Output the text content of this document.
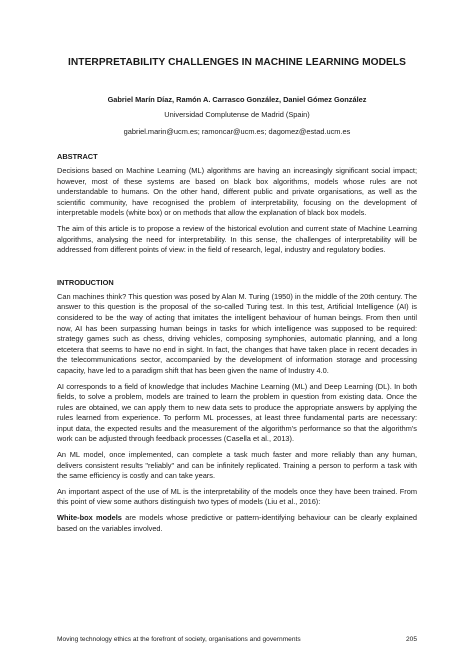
INTERPRETABILITY CHALLENGES IN MACHINE LEARNING MODELS
Gabriel Marín Díaz, Ramón A. Carrasco González, Daniel Gómez González
Universidad Complutense de Madrid (Spain)
gabriel.marin@ucm.es; ramoncar@ucm.es; dagomez@estad.ucm.es
ABSTRACT

Decisions based on Machine Learning (ML) algorithms are having an increasingly significant social impact; however, most of these systems are based on black box algorithms, models whose rules are not understandable to humans. On the other hand, different public and private organisations, as well as the scientific community, have recognised the problem of interpretability, focusing on the development of interpretable models (white box) or on methods that allow the explanation of black box models.

The aim of this article is to propose a review of the historical evolution and current state of Machine Learning algorithms, analysing the need for interpretability. In this sense, the challenges of interpretability will be addressed from different points of view: in the field of research, legal, industry and regulatory bodies.

INTRODUCTION

Can machines think? This question was posed by Alan M. Turing (1950) in the middle of the 20th century. The answer to this question is the proposal of the so-called Turing test. In this test, Artificial Intelligence (AI) is considered to be the way of acting that imitates the intelligent behaviour of human beings. From then until now, AI has been surpassing human beings in tasks for which intelligence was supposed to be required: strategy games such as chess, driving vehicles, composing symphonies, automatic planning, and a long etcetera that seems to have no end in sight. In fact, the changes that have taken place in recent decades in the telecommunications sector, accompanied by the development of information storage and processing capacity, have led to a paradigm shift that has been given the name of Industry 4.0.

AI corresponds to a field of knowledge that includes Machine Learning (ML) and Deep Learning (DL). In both fields, to solve a problem, models are trained to learn the problem in question from existing data. Once the rules are obtained, we can apply them to new data sets to produce the appropriate answers by applying the rules learned from experience. To perform ML processes, at least three fundamental parts are necessary: input data, the expected results and the measurement of the algorithm's performance so that the algorithm's work can be adjusted through feedback processes (Casella et al., 2013).

An ML model, once implemented, can complete a task much faster and more reliably than any human, delivers consistent results "reliably" and can be infinitely replicated. Training a person to perform a task with the same efficiency is costly and can take years.

An important aspect of the use of ML is the interpretability of the models once they have been trained. From this point of view some authors distinguish two types of models (Liu et al., 2016):

White-box models are models whose predictive or pattern-identifying behaviour can be clearly explained based on the variables involved.

Moving technology ethics at the forefront of society, organisations and governments	205
